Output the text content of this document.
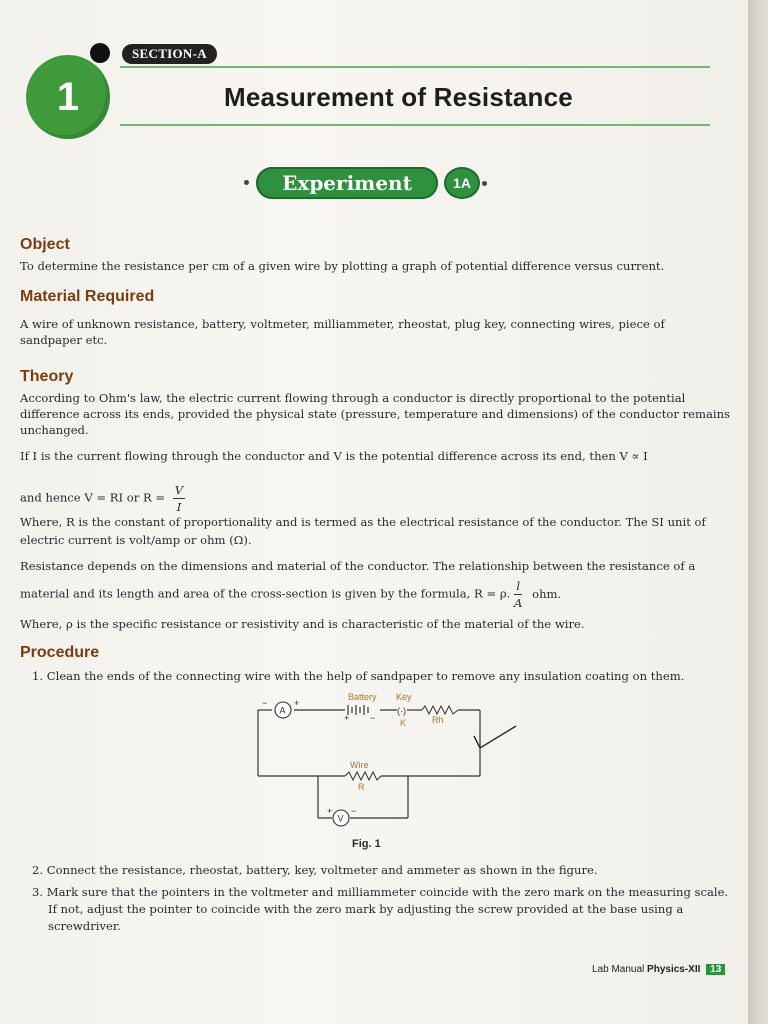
1
SECTION-A
Measurement of Resistance
Experiment	1A
Object
To determine the resistance per cm of a given wire by plotting a graph of potential difference versus current.
Material Required
A wire of unknown resistance, battery, voltmeter, milliammeter, rheostat, plug key, connecting wires, piece of
sandpaper etc.
Theory
According to Ohm's law, the electric current flowing through a conductor is directly proportional to the potential
difference across its ends, provided the physical state (pressure, temperature and dimensions) of the conductor remains
unchanged.
If I is the current flowing through the conductor and V is the potential difference across its end, then V ∝ I
and hence V = RI or $R = \frac{V}{I}$
Where, R is the constant of proportionality and is termed as the electrical resistance of the conductor. The SI unit of
electric current is volt/amp or ohm (Ω).
Resistance depends on the dimensions and material of the conductor. The relationship between the resistance of a
material and its length and area of the cross-section is given by the formula, R = ρ. $\frac{l}{A}$ ohm.
Where, ρ is the specific resistance or resistivity and is characteristic of the material of the wire.
Procedure
1. Clean the ends of the connecting wire with the help of sandpaper to remove any insulation coating on them.
A	(·)
V
Battery Key
K	Rh
Wire
R
+
−
+ −
+ −
Fig. 1
2. Connect the resistance, rheostat, battery, key, voltmeter and ammeter as shown in the figure.
3. Mark sure that the pointers in the voltmeter and milliammeter coincide with the zero mark on the measuring scale.
If not, adjust the pointer to coincide with the zero mark by adjusting the screw provided at the base using a
screwdriver.
Lab Manual Physics-XII 13
